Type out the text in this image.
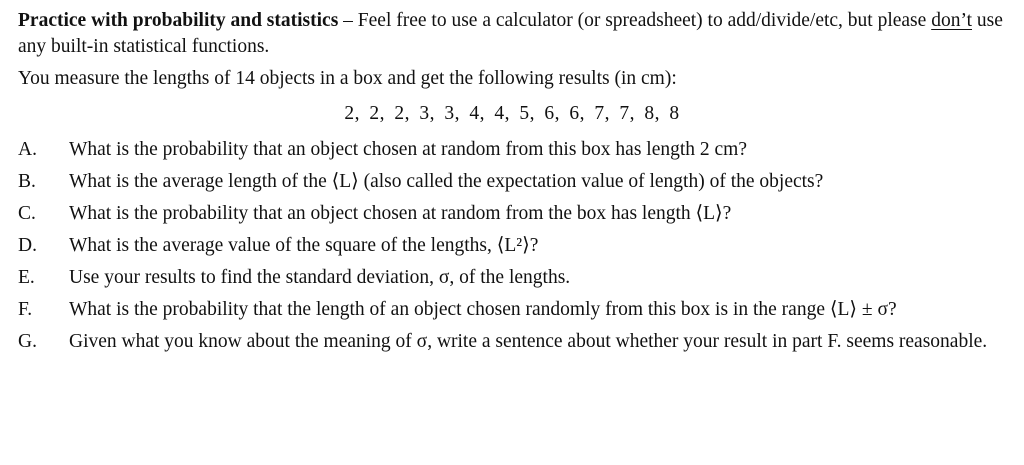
Practice with probability and statistics – Feel free to use a calculator (or spreadsheet) to add/divide/etc, but please don’t use any built-in statistical functions.

You measure the lengths of 14 objects in a box and get the following results (in cm):

2, 2, 2, 3, 3, 4, 4, 5, 6, 6, 7, 7, 8, 8

A.	What is the probability that an object chosen at random from this box has length 2 cm?
B.	What is the average length of the ⟨L⟩ (also called the expectation value of length) of the objects?
C.	What is the probability that an object chosen at random from the box has length ⟨L⟩?
D.	What is the average value of the square of the lengths, ⟨L²⟩?
E.	Use your results to find the standard deviation, σ, of the lengths.
F.	What is the probability that the length of an object chosen randomly from this box is in the range ⟨L⟩ ± σ?
G.	Given what you know about the meaning of σ, write a sentence about whether your result in part F. seems reasonable.
